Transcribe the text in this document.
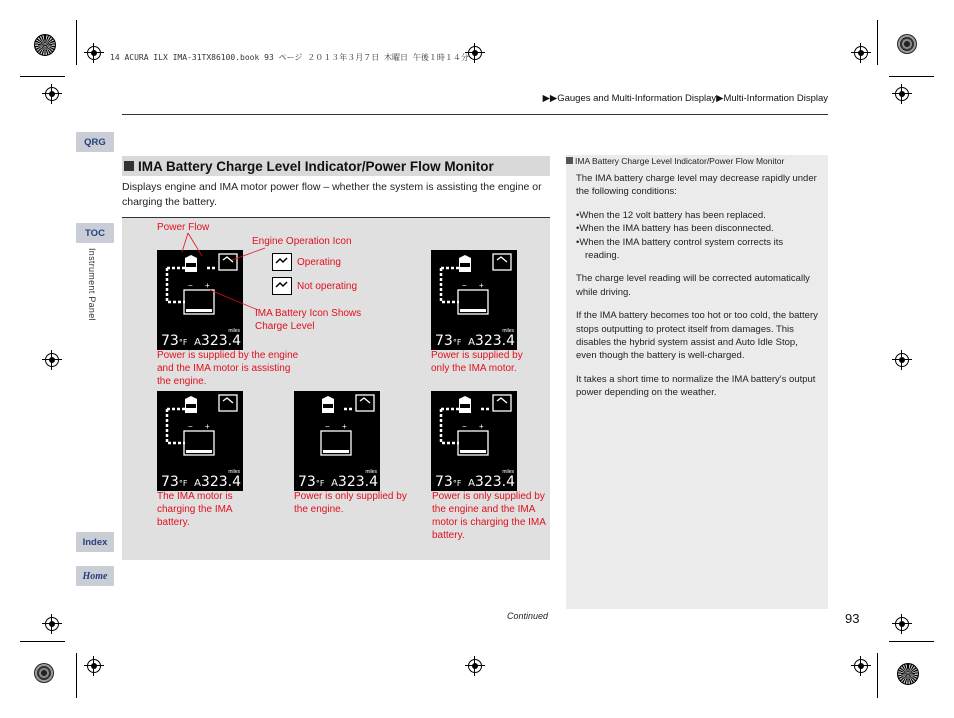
14 ACURA ILX IMA-31TX86100.book 93 ページ ２０１３年３月７日 木曜日 午後１時１４分
▶▶Gauges and Multi-Information Display▶Multi-Information Display
QRG
TOC
Instrument Panel
Index
Home
IMA Battery Charge Level Indicator/Power Flow Monitor
Displays engine and IMA motor power flow – whether the system is assisting the engine or charging the battery.
− +
miles
73°F A323.4
− +
miles
73°F A323.4
− +
miles
73°F A323.4
− +
miles
73°F A323.4
− +
miles
73°F A323.4
Power Flow
Engine Operation Icon
Operating
Not operating
IMA Battery Icon Shows Charge Level
Power is supplied by the engine and the IMA motor is assisting the engine.
Power is supplied by only the IMA motor.
The IMA motor is charging the IMA battery.
Power is only supplied by the engine.
Power is only supplied by the engine and the IMA motor is charging the IMA battery.
IMA Battery Charge Level Indicator/Power Flow Monitor

The IMA battery charge level may decrease rapidly under the following conditions:

• When the 12 volt battery has been replaced.
• When the IMA battery has been disconnected.
• When the IMA battery control system corrects its reading.

The charge level reading will be corrected automatically while driving.

If the IMA battery becomes too hot or too cold, the battery stops outputting to protect itself from damages. This disables the hybrid system assist and Auto Idle Stop, even though the battery is well-charged.

It takes a short time to normalize the IMA battery's output power depending on the weather.

Continued	93
